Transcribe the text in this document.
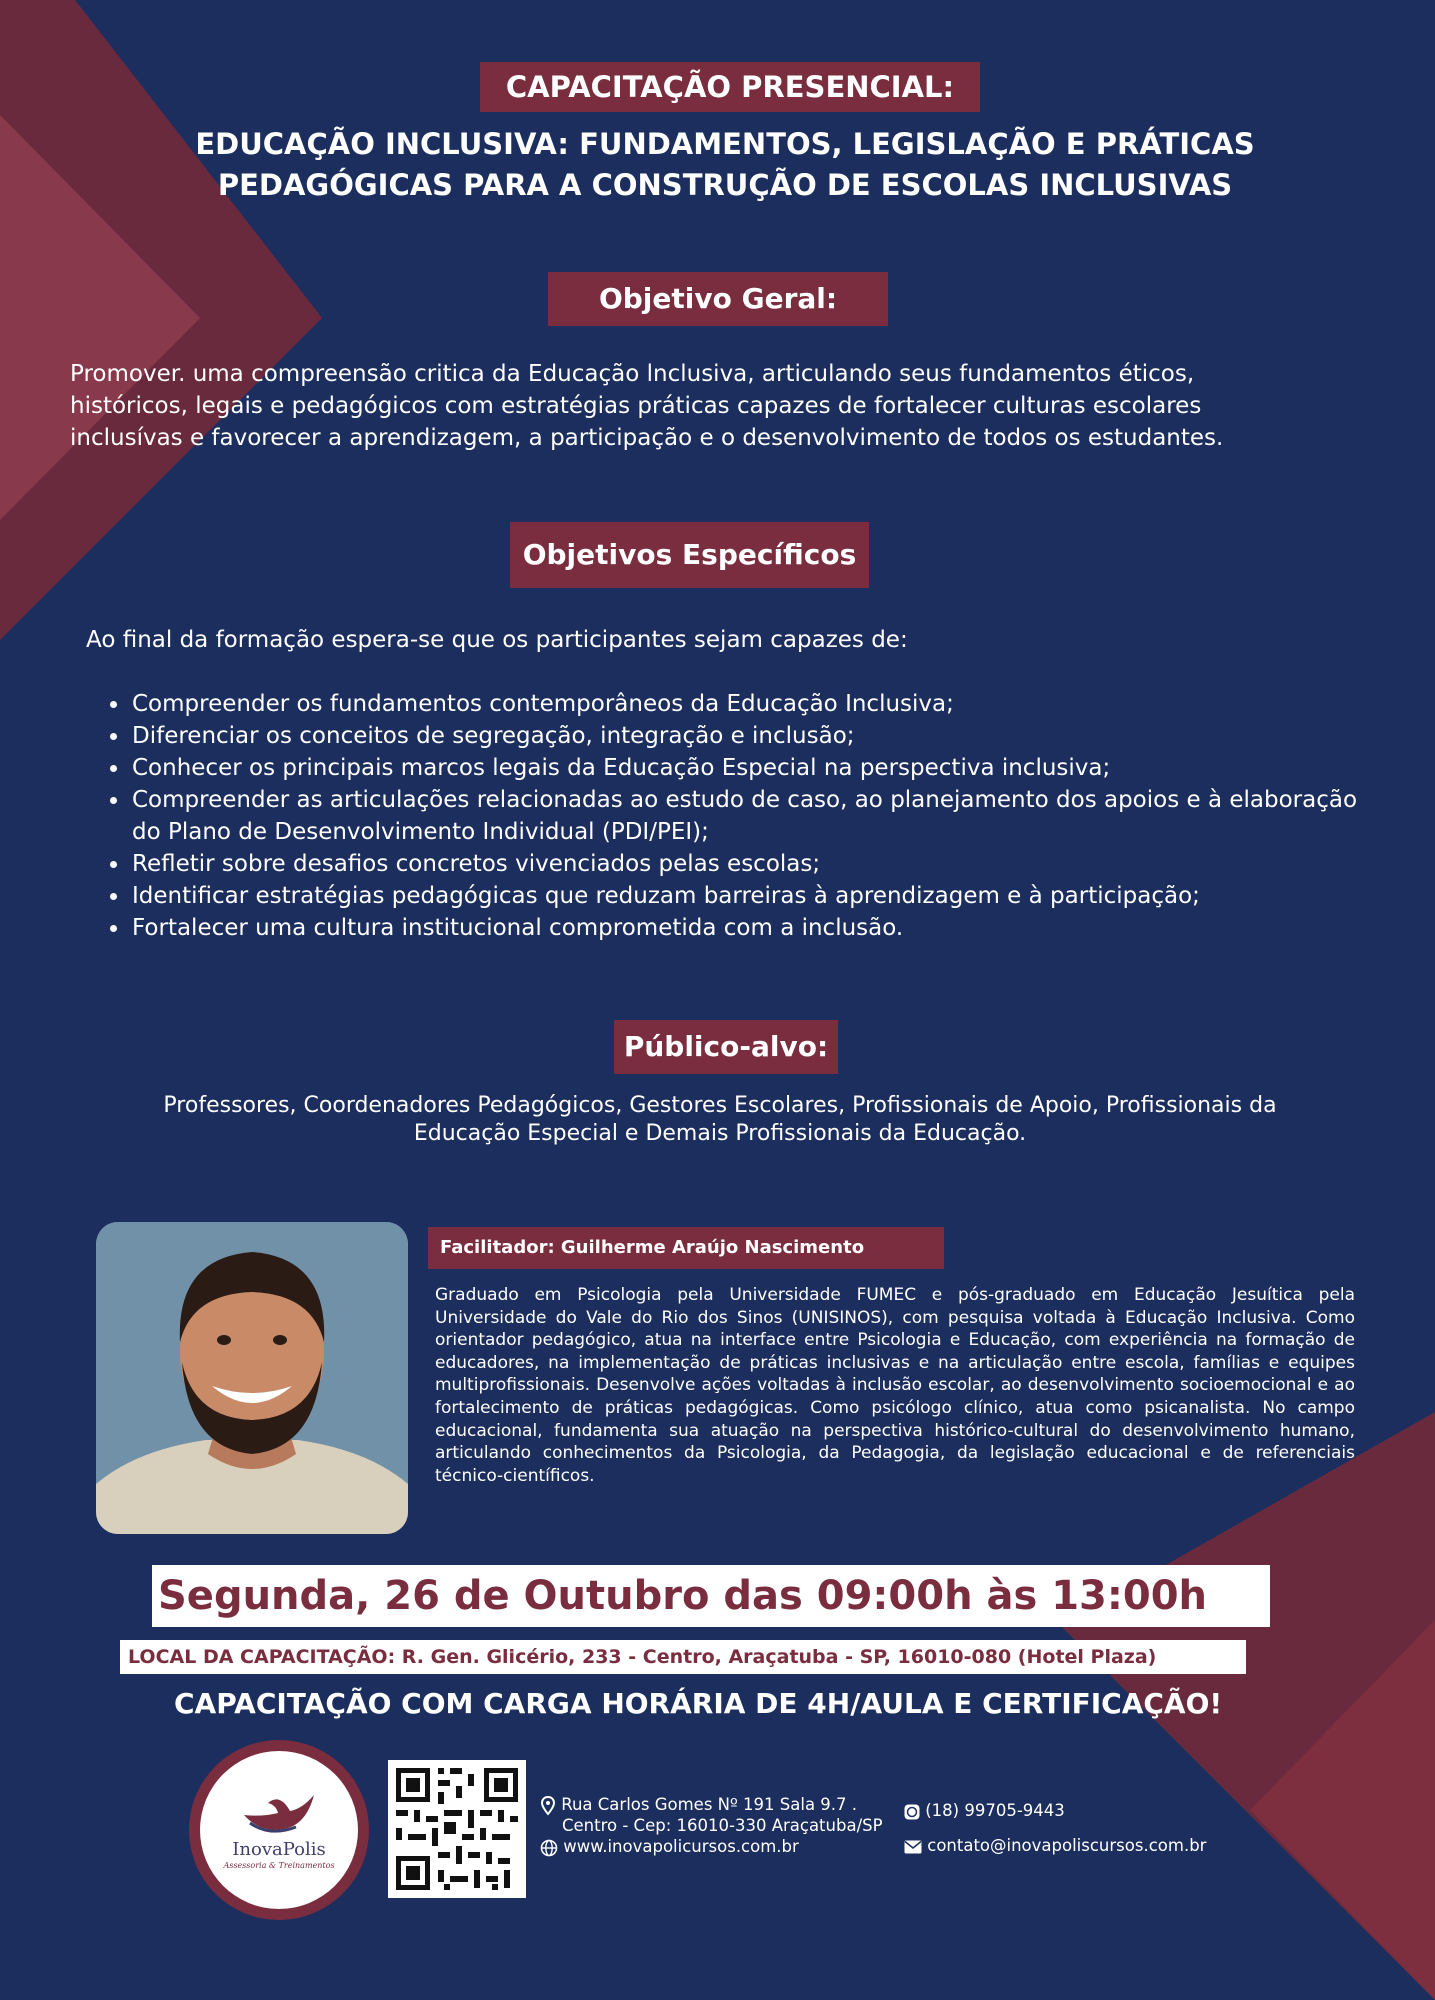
CAPACITAÇÃO PRESENCIAL:
EDUCAÇÃO INCLUSIVA: FUNDAMENTOS, LEGISLAÇÃO E PRÁTICAS
PEDAGÓGICAS PARA A CONSTRUÇÃO DE ESCOLAS INCLUSIVAS
Objetivo Geral:
Promover. uma compreensão critica da Educação lnclusiva, articulando seus fundamentos éticos,
históricos, legais e pedagógicos com estratégias práticas capazes de fortalecer culturas escolares
inclusívas e favorecer a aprendizagem, a participação e o desenvolvimento de todos os estudantes.
Objetivos Específicos
Ao final da formação espera-se que os participantes sejam capazes de:
• Compreender os fundamentos contemporâneos da Educação Inclusiva;
• Diferenciar os conceitos de segregação, integração e inclusão;
• Conhecer os principais marcos legais da Educação Especial na perspectiva inclusiva;
• Compreender as articulações relacionadas ao estudo de caso, ao planejamento dos apoios e à elaboração do Plano de Desenvolvimento Individual (PDI/PEI);
• Refletir sobre desafios concretos vivenciados pelas escolas;
• Identificar estratégias pedagógicas que reduzam barreiras à aprendizagem e à participação;
• Fortalecer uma cultura institucional comprometida com a inclusão.
Público-alvo:
Professores, Coordenadores Pedagógicos, Gestores Escolares, Profissionais de Apoio, Profissionais da
Educação Especial e Demais Profissionais da Educação.
Facilitador: Guilherme Araújo Nascimento
Graduado em Psicologia pela Universidade FUMEC e pós-graduado em Educação Jesuítica pela Universidade do Vale do Rio dos Sinos (UNISINOS), com pesquisa voltada à Educação Inclusiva. Como orientador pedagógico, atua na interface entre Psicologia e Educação, com experiência na formação de educadores, na implementação de práticas inclusivas e na articulação entre escola, famílias e equipes multiprofissionais. Desenvolve ações voltadas à inclusão escolar, ao desenvolvimento socioemocional e ao fortalecimento de práticas pedagógicas. Como psicólogo clínico, atua como psicanalista. No campo educacional, fundamenta sua atuação na perspectiva histórico-cultural do desenvolvimento humano, articulando conhecimentos da Psicologia, da Pedagogia, da legislação educacional e de referenciais técnico-científicos.
Segunda, 26 de Outubro das 09:00h às 13:00h
LOCAL DA CAPACITAÇÃO: R. Gen. Glicério, 233 - Centro, Araçatuba - SP, 16010-080 (Hotel Plaza)
CAPACITAÇÃO COM CARGA HORÁRIA DE 4H/AULA E CERTIFICAÇÃO!
InovaPolis
Assessoria & Treinamentos
Rua Carlos Gomes Nº 191 Sala 9.7 .
Centro - Cep: 16010-330 Araçatuba/SP
www.inovapolicursos.com.br
(18) 99705-9443
contato@inovapoliscursos.com.br
